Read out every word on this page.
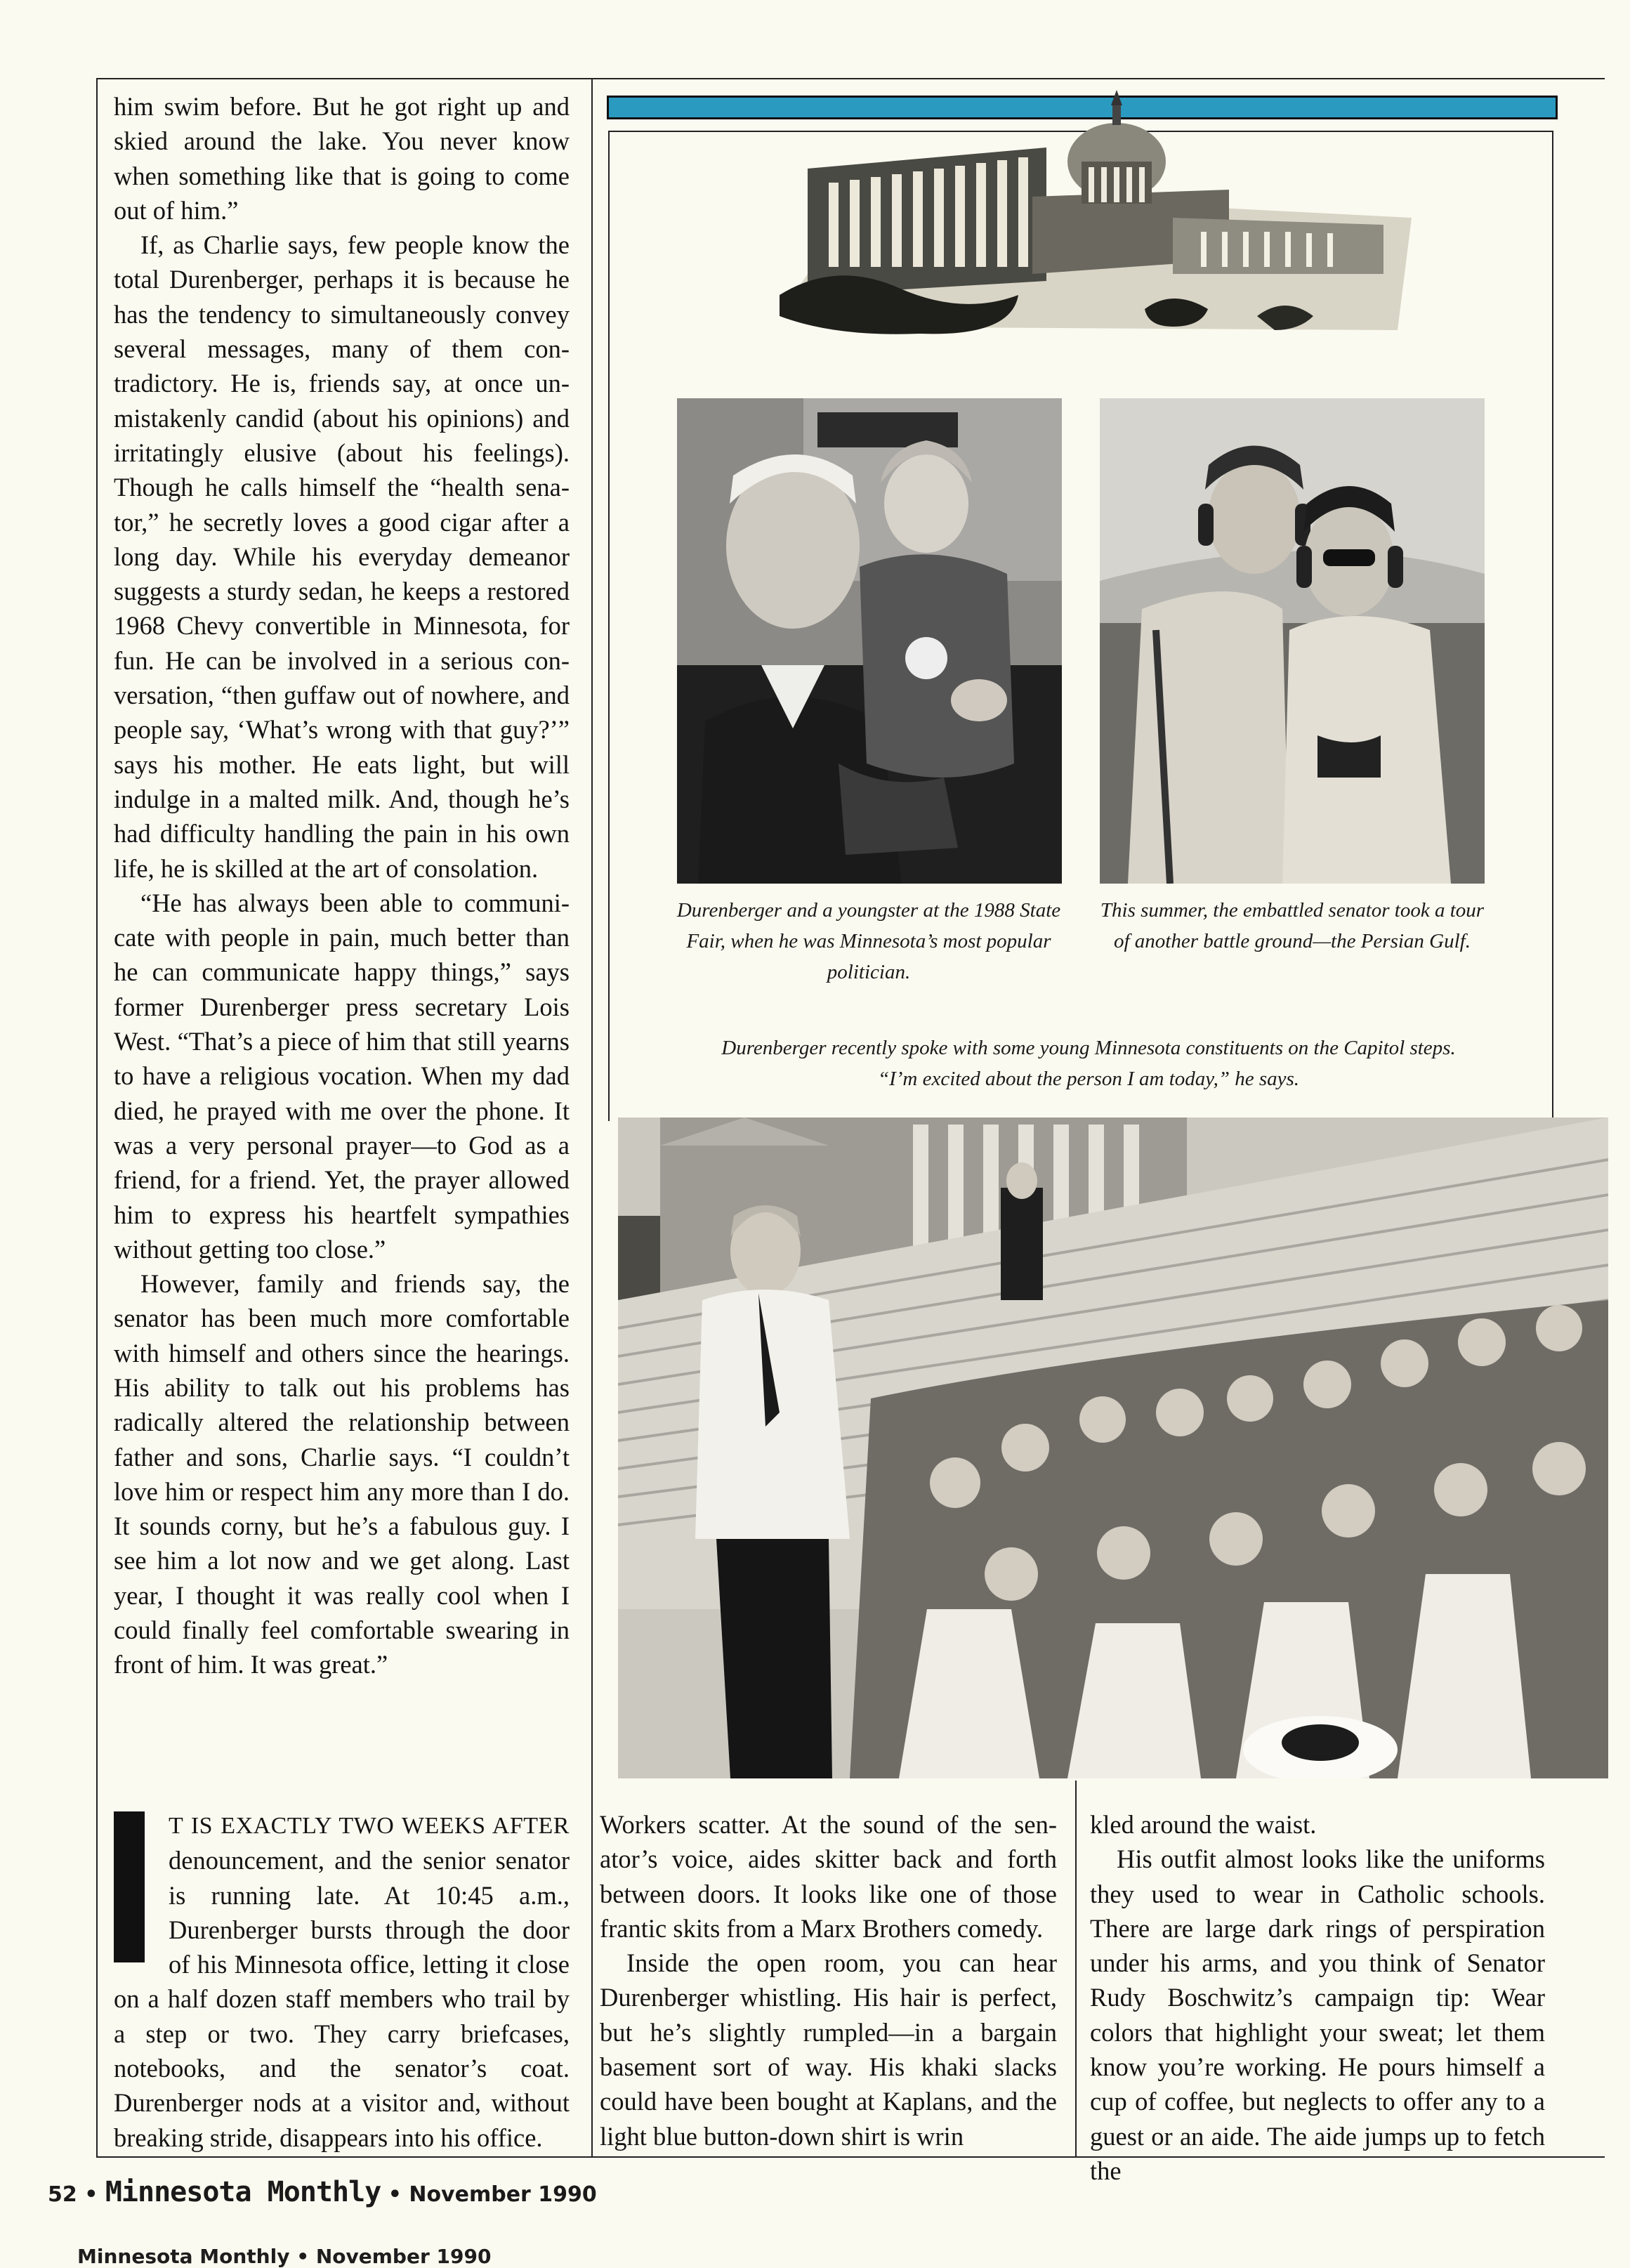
Durenberger and a youngster at the 1988 State Fair, when he was Minnesota’s most popular politician.
This summer, the embattled senator took a tour of another battle ground—the Persian Gulf.
Durenberger recently spoke with some young Minnesota constituents on the Capitol steps. “I’m excited about the person I am today,” he says.

him swim before. But he got right up and skied around the lake. You never know when something like that is going to come out of him.”

If, as Charlie says, few people know the total Durenberger, perhaps it is because he has the tendency to simultaneously convey several messages, many of them contradictory. He is, friends say, at once unmistakenly candid (about his opinions) and irritatingly elusive (about his feelings). Though he calls himself the “health senator,” he secretly loves a good cigar after a long day. While his everyday demeanor suggests a sturdy sedan, he keeps a restored 1968 Chevy convertible in Minnesota, for fun. He can be involved in a serious conversation, “then guffaw out of nowhere, and people say, ‘What’s wrong with that guy?’” says his mother. He eats light, but will indulge in a malted milk. And, though he’s had difficulty handling the pain in his own life, he is skilled at the art of consolation.

“He has always been able to communicate with people in pain, much better than he can communicate happy things,” says former Durenberger press secretary Lois West. “That’s a piece of him that still yearns to have a religious vocation. When my dad died, he prayed with me over the phone. It was a very personal prayer—to God as a friend, for a friend. Yet, the prayer allowed him to express his heartfelt sympathies without getting too close.”

However, family and friends say, the senator has been much more comfortable with himself and others since the hearings. His ability to talk out his problems has radically altered the relationship between father and sons, Charlie says. “I couldn’t love him or respect him any more than I do. It sounds corny, but he’s a fabulous guy. I see him a lot now and we get along. Last year, I thought it was really cool when I could finally feel comfortable swearing in front of him. It was great.”

T IS EXACTLY TWO WEEKS AFTER denouncement, and the senior senator is running late. At 10:45 a.m., Durenberger bursts through the door of his Minnesota office, letting it close on a half dozen staff members who trail by a step or two. They carry briefcases, notebooks, and the senator’s coat. Durenberger nods at a visitor and, without breaking stride, disappears into his office.

Workers scatter. At the sound of the senator’s voice, aides skitter back and forth between doors. It looks like one of those frantic skits from a Marx Brothers comedy.

Inside the open room, you can hear Durenberger whistling. His hair is perfect, but he’s slightly rumpled—in a bargain basement sort of way. His khaki slacks could have been bought at Kaplans, and the light blue button-down shirt is wrin

kled around the waist.

His outfit almost looks like the uniforms they used to wear in Catholic schools. There are large dark rings of perspiration under his arms, and you think of Senator Rudy Boschwitz’s campaign tip: Wear colors that highlight your sweat; let them know you’re working. He pours himself a cup of coffee, but neglects to offer any to a guest or an aide. The aide jumps up to fetch the

52 • Minnesota Monthly • November 1990
Minnesota Monthly • November 1990
